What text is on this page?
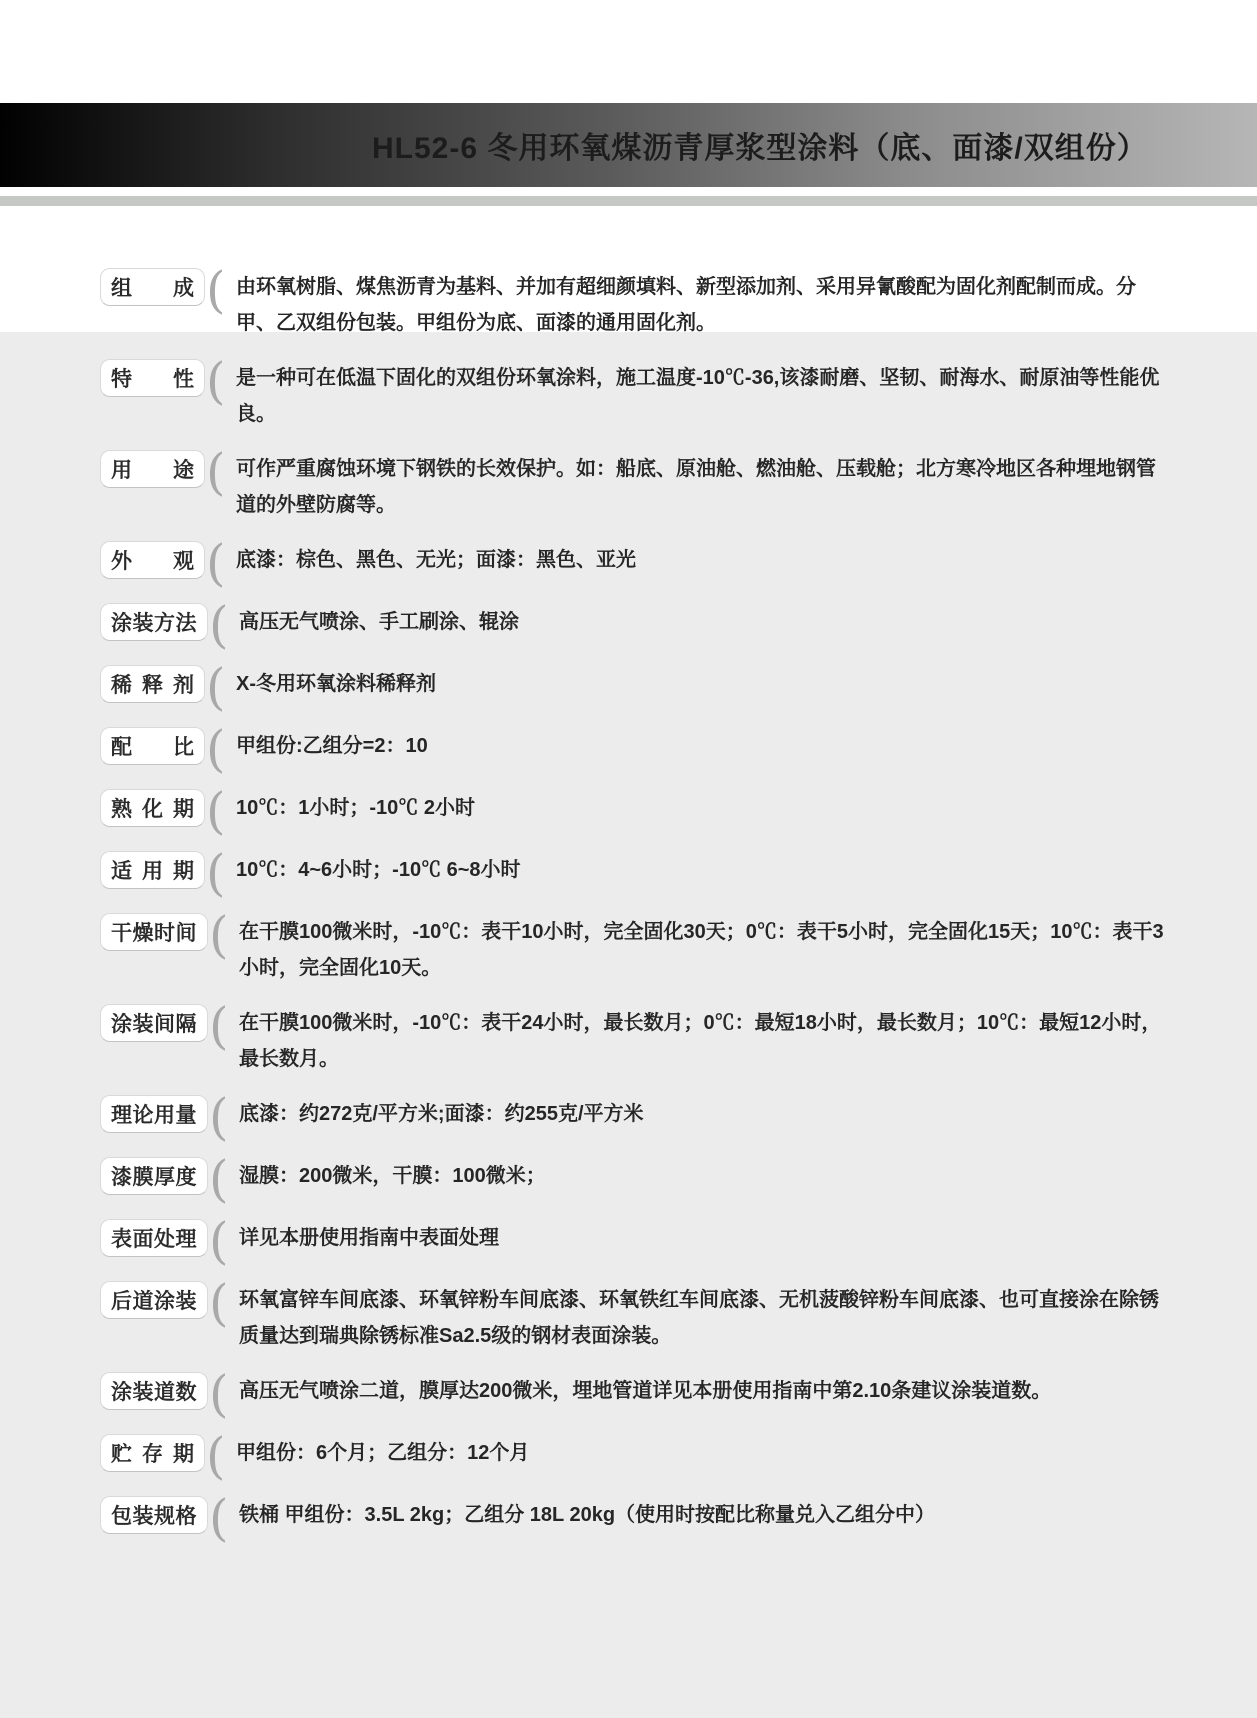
HL52-6 冬用环氧煤沥青厚浆型涂料（底、面漆/双组份）
组 成 ( 由环氧树脂、煤焦沥青为基料、并加有超细颜填料、新型添加剂、采用异氰酸配为固化剂配制而成。分甲、乙双组份包装。甲组份为底、面漆的通用固化剂。
特 性 ( 是一种可在低温下固化的双组份环氧涂料，施工温度-10℃-36,该漆耐磨、坚韧、耐海水、耐原油等性能优良。
用 途 ( 可作严重腐蚀环境下钢铁的长效保护。如：船底、原油舱、燃油舱、压载舱；北方寒冷地区各种埋地钢管道的外壁防腐等。
外 观 ( 底漆：棕色、黑色、无光；面漆：黑色、亚光
涂装方法 ( 高压无气喷涂、手工刷涂、辊涂
稀 释 剂 ( X-冬用环氧涂料稀释剂
配 比 ( 甲组份:乙组分=2：10
熟 化 期 ( 10℃：1小时；-10℃ 2小时
适 用 期 ( 10℃：4~6小时；-10℃ 6~8小时
干燥时间 ( 在干膜100微米时，-10℃：表干10小时，完全固化30天；0℃：表干5小时，完全固化15天；10℃：表干3小时，完全固化10天。
涂装间隔 ( 在干膜100微米时，-10℃：表干24小时，最长数月；0℃：最短18小时，最长数月；10℃：最短12小时，最长数月。
理论用量 ( 底漆：约272克/平方米;面漆：约255克/平方米
漆膜厚度 ( 湿膜：200微米，干膜：100微米；
表面处理 ( 详见本册使用指南中表面处理
后道涂装 ( 环氧富锌车间底漆、环氧锌粉车间底漆、环氧铁红车间底漆、无机菠酸锌粉车间底漆、也可直接涂在除锈质量达到瑞典除锈标准Sa2.5级的钢材表面涂装。
涂装道数 ( 高压无气喷涂二道，膜厚达200微米，埋地管道详见本册使用指南中第2.10条建议涂装道数。
贮 存 期 ( 甲组份：6个月；乙组分：12个月
包装规格 ( 铁桶 甲组份：3.5L 2kg；乙组分 18L 20kg（使用时按配比称量兑入乙组分中）
